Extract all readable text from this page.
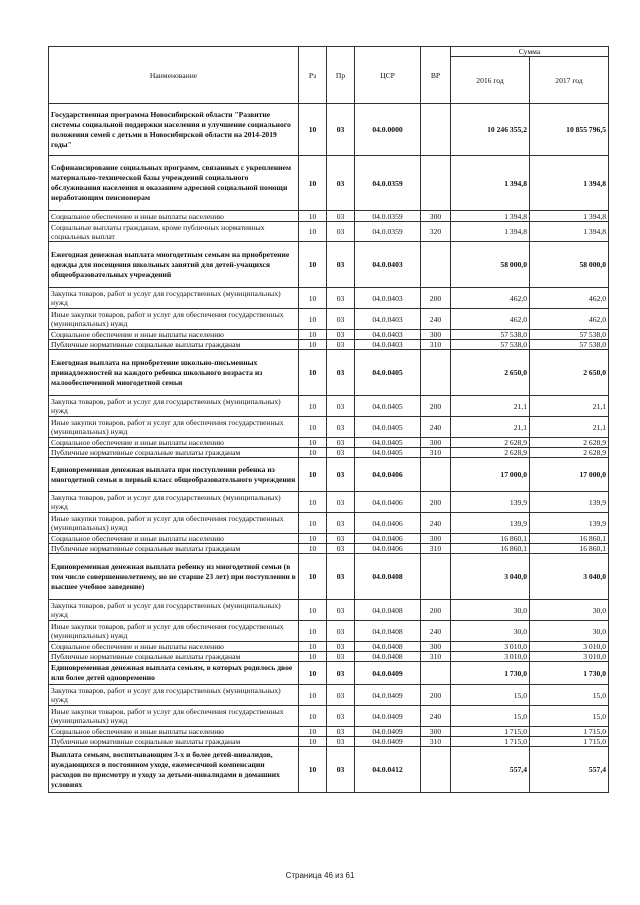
Наименование	Рз	Пр	ЦСР	ВР	Сумма	
					2016 год	2017 год
Государственная программа Новосибирской области "Развитие системы социальной поддержки населения и улучшение социального положения семей с детьми в Новосибирской области на 2014-2019 годы"	10	03	04.0.0000		10 246 355,2	10 855 796,5
Софинансирование социальных программ, связанных с укреплением материально-технической базы учреждений социального обслуживания населения и оказанием адресной социальной помощи неработающим пенсионерам	10	03	04.0.0359		1 394,8	1 394,8
Социальное обеспечение и иные выплаты населению	10	03	04.0.0359	300	1 394,8	1 394,8
Социальные выплаты гражданам, кроме публичных нормативных социальных выплат	10	03	04.0.0359	320	1 394,8	1 394,8
Ежегодная денежная выплата многодетным семьям на приобретение одежды для посещения школьных занятий для детей-учащихся общеобразовательных учреждений	10	03	04.0.0403		58 000,0	58 000,0
Закупка товаров, работ и услуг для государственных (муниципальных) нужд	10	03	04.0.0403	200	462,0	462,0
Иные закупки товаров, работ и услуг для обеспечения государственных (муниципальных) нужд	10	03	04.0.0403	240	462,0	462,0
Социальное обеспечение и иные выплаты населению	10	03	04.0.0403	300	57 538,0	57 538,0
Публичные нормативные социальные выплаты гражданам	10	03	04.0.0403	310	57 538,0	57 538,0
Ежегодная выплата на приобретение школьно-письменных принадлежностей на каждого ребенка школьного возраста из малообеспеченной многодетной семьи	10	03	04.0.0405		2 650,0	2 650,0
Закупка товаров, работ и услуг для государственных (муниципальных) нужд	10	03	04.0.0405	200	21,1	21,1
Иные закупки товаров, работ и услуг для обеспечения государственных (муниципальных) нужд	10	03	04.0.0405	240	21,1	21,1
Социальное обеспечение и иные выплаты населению	10	03	04.0.0405	300	2 628,9	2 628,9
Публичные нормативные социальные выплаты гражданам	10	03	04.0.0405	310	2 628,9	2 628,9
Единовременная денежная выплата при поступлении ребенка из многодетной семьи в первый класс общеобразовательного учреждения	10	03	04.0.0406		17 000,0	17 000,0
Закупка товаров, работ и услуг для государственных (муниципальных) нужд	10	03	04.0.0406	200	139,9	139,9
Иные закупки товаров, работ и услуг для обеспечения государственных (муниципальных) нужд	10	03	04.0.0406	240	139,9	139,9
Социальное обеспечение и иные выплаты населению	10	03	04.0.0406	300	16 860,1	16 860,1
Публичные нормативные социальные выплаты гражданам	10	03	04.0.0406	310	16 860,1	16 860,1
Единовременная денежная выплата ребенку из многодетной семьи (в том числе совершеннолетнему, но не старше 23 лет) при поступлении в высшее учебное заведение)	10	03	04.0.0408		3 040,0	3 040,0
Закупка товаров, работ и услуг для государственных (муниципальных) нужд	10	03	04.0.0408	200	30,0	30,0
Иные закупки товаров, работ и услуг для обеспечения государственных (муниципальных) нужд	10	03	04.0.0408	240	30,0	30,0
Социальное обеспечение и иные выплаты населению	10	03	04.0.0408	300	3 010,0	3 010,0
Публичные нормативные социальные выплаты гражданам	10	03	04.0.0408	310	3 010,0	3 010,0
Единовременная денежная выплата семьям, в которых родилось двое или более детей одновременно	10	03	04.0.0409		1 730,0	1 730,0
Закупка товаров, работ и услуг для государственных (муниципальных) нужд	10	03	04.0.0409	200	15,0	15,0
Иные закупки товаров, работ и услуг для обеспечения государственных (муниципальных) нужд	10	03	04.0.0409	240	15,0	15,0
Социальное обеспечение и иные выплаты населению	10	03	04.0.0409	300	1 715,0	1 715,0
Публичные нормативные социальные выплаты гражданам	10	03	04.0.0409	310	1 715,0	1 715,0
Выплата семьям, воспитывающим 3-х и более детей-инвалидов, нуждающихся в постоянном уходе, ежемесячной компенсации расходов по присмотру и уходу за детьми-инвалидами в домашних условиях	10	03	04.0.0412		557,4	557,4
Страница 46 из 61
